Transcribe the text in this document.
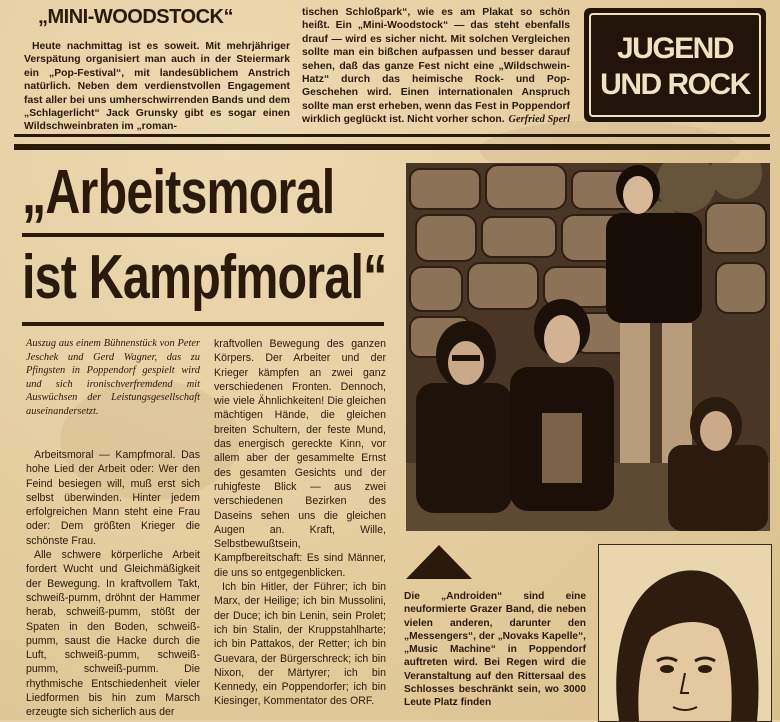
„MINI-WOODSTOCK“

Heute nachmittag ist es soweit. Mit mehrjähriger Verspätung organisiert man auch in der Steiermark ein „Pop-Festival“, mit landesüblichem Anstrich natürlich. Neben dem verdienstvollen Engagement fast aller bei uns umherschwirrenden Bands und dem „Schlagerlicht“ Jack Grunsky gibt es sogar einen Wildschweinbraten im „roman-

tischen Schloßpark“, wie es am Plakat so schön heißt. Ein „Mini-Woodstock“ — das steht ebenfalls drauf — wird es sicher nicht. Mit solchen Vergleichen sollte man ein bißchen aufpassen und besser darauf sehen, daß das ganze Fest nicht eine „Wildschwein-Hatz“ durch das heimische Rock- und Pop-Geschehen wird. Einen internationalen Anspruch sollte man erst erheben, wenn das Fest in Poppendorf wirklich geglückt ist. Nicht vorher schon. Gerfried Sperl
JUGEND
UND ROCK
„Arbeitsmoral
ist Kampfmoral“

Auszug aus einem Bühnenstück von Peter Jeschek und Gerd Wagner, das zu Pfingsten in Poppendorf gespielt wird und sich ironischverfremdend mit Auswüchsen der Leistungsgesellschaft auseinandersetzt.

Arbeitsmoral — Kampfmoral. Das hohe Lied der Arbeit oder: Wer den Feind besiegen will, muß erst sich selbst überwinden. Hinter jedem erfolgreichen Mann steht eine Frau oder: Dem größten Krieger die schönste Frau.

Alle schwere körperliche Arbeit fordert Wucht und Gleichmäßigkeit der Bewegung. In kraftvollem Takt, schweiß-pumm, dröhnt der Hammer herab, schweiß-pumm, stößt der Spaten in den Boden, schweiß-pumm, saust die Hacke durch die Luft, schweiß-pumm, schweiß-pumm, schweiß-pumm. Die rhythmische Entschiedenheit vieler Liedformen bis hin zum Marsch erzeugte sich sicherlich aus der

kraftvollen Bewegung des ganzen Körpers. Der Arbeiter und der Krieger kämpfen an zwei ganz verschiedenen Fronten. Dennoch, wie viele Ähnlichkeiten! Die gleichen mächtigen Hände, die gleichen breiten Schultern, der feste Mund, das energisch gereckte Kinn, vor allem aber der gesammelte Ernst des gesamten Gesichts und der ruhigfeste Blick — aus zwei verschiedenen Bezirken des Daseins sehen uns die gleichen Augen an. Kraft, Wille, Selbstbewußtsein, Kampfbereitschaft: Es sind Männer, die uns so entgegenblicken.

Ich bin Hitler, der Führer; ich bin Marx, der Heilige; ich bin Mussolini, der Duce; ich bin Lenin, sein Prolet; ich bin Stalin, der Kruppstahlharte; ich bin Pattakos, der Retter; ich bin Guevara, der Bürgerschreck; ich bin Nixon, der Märtyrer; ich bin Kennedy, ein Poppendorfer; ich bin Kiesinger, Kommentator des ORF.

Die „Androiden“ sind eine neuformierte Grazer Band, die neben vielen anderen, darunter den „Messengers“, der „Novaks Kapelle“, „Music Machine“ in Poppendorf auftreten wird. Bei Regen wird die Veranstaltung auf den Rittersaal des Schlosses beschränkt sein, wo 3000 Leute Platz finden
